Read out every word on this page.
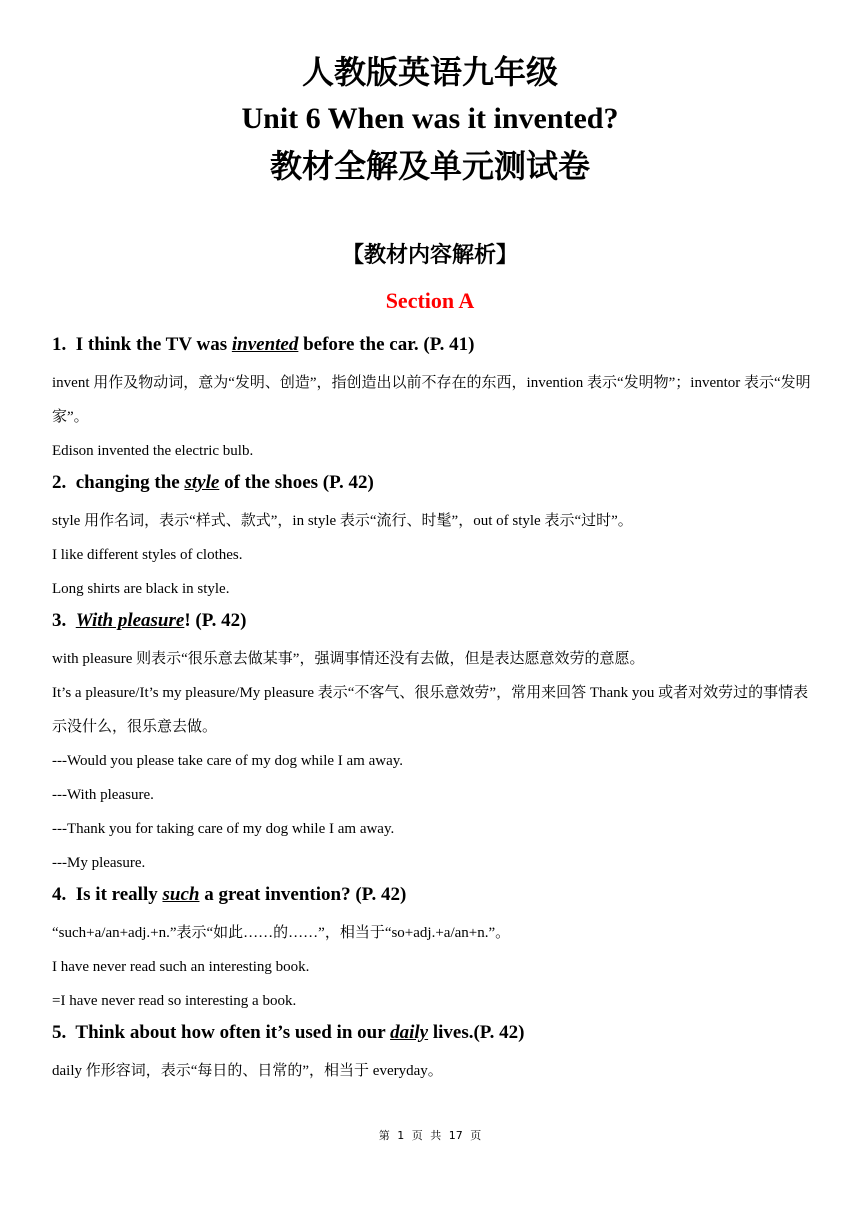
人教版英语九年级
Unit 6 When was it invented?
教材全解及单元测试卷
【教材内容解析】
Section A
1. I think the TV was invented before the car. (P. 41)

invent 用作及物动词，意为“发明、创造”，指创造出以前不存在的东西，invention 表示“发明物”；inventor 表示“发明家”。

Edison invented the electric bulb.

2. changing the style of the shoes (P. 42)

style 用作名词，表示“样式、款式”，in style 表示“流行、时髦”，out of style 表示“过时”。

I like different styles of clothes.

Long shirts are black in style.

3. With pleasure! (P. 42)

with pleasure 则表示“很乐意去做某事”，强调事情还没有去做，但是表达愿意效劳的意愿。

It’s a pleasure/It’s my pleasure/My pleasure 表示“不客气、很乐意效劳”，常用来回答 Thank you 或者对效劳过的事情表示没什么，很乐意去做。

---Would you please take care of my dog while I am away.

---With pleasure.

---Thank you for taking care of my dog while I am away.

---My pleasure.

4. Is it really such a great invention? (P. 42)

“such+a/an+adj.+n.”表示“如此……的……”，相当于“so+adj.+a/an+n.”。

I have never read such an interesting book.

=I have never read so interesting a book.

5. Think about how often it’s used in our daily lives.(P. 42)

daily 作形容词，表示“每日的、日常的”，相当于 everyday。

第 1 页 共 17 页
